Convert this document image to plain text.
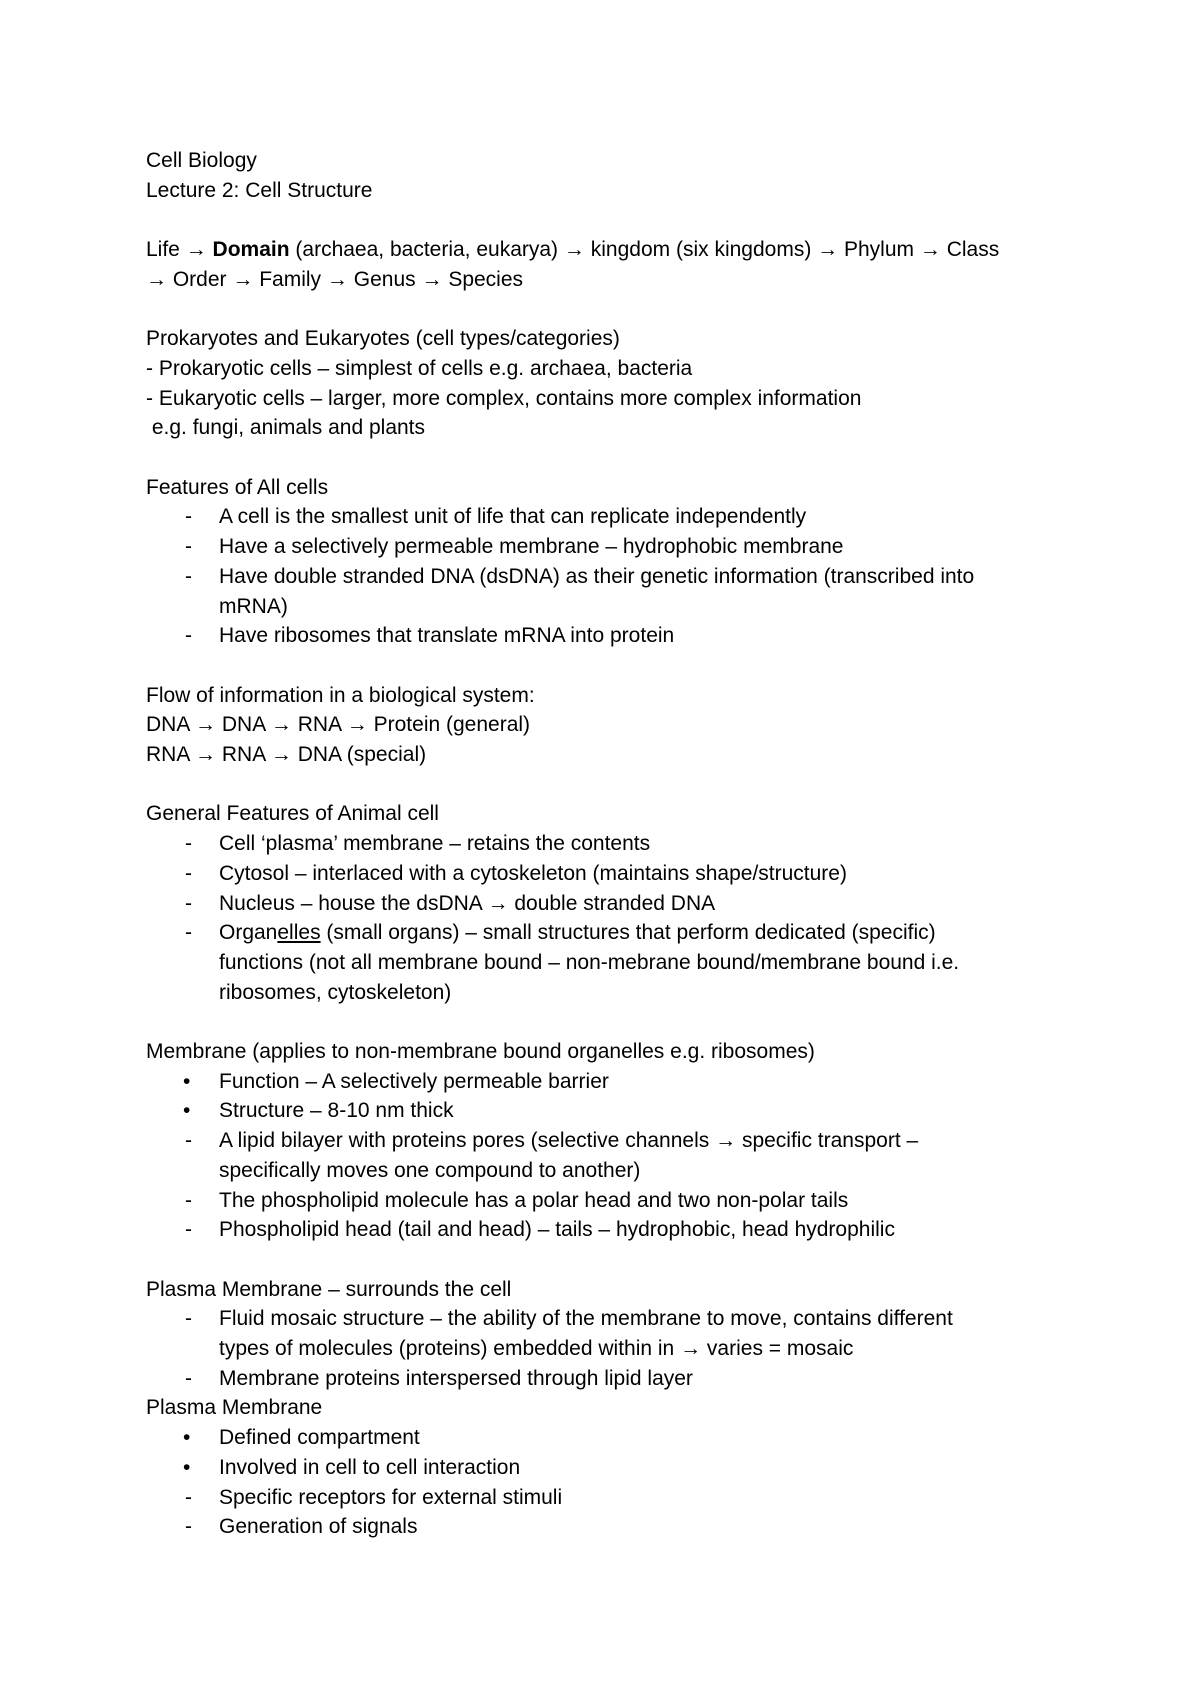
Cell Biology
Lecture 2: Cell Structure
Life → Domain (archaea, bacteria, eukarya) → kingdom (six kingdoms) → Phylum → Class
→ Order → Family → Genus → Species
Prokaryotes and Eukaryotes (cell types/categories)
- Prokaryotic cells – simplest of cells e.g. archaea, bacteria
- Eukaryotic cells – larger, more complex, contains more complex information
e.g. fungi, animals and plants
Features of All cells
- A cell is the smallest unit of life that can replicate independently
- Have a selectively permeable membrane – hydrophobic membrane
- Have double stranded DNA (dsDNA) as their genetic information (transcribed into
mRNA)
- Have ribosomes that translate mRNA into protein
Flow of information in a biological system:
DNA → DNA → RNA → Protein (general)
RNA → RNA → DNA (special)
General Features of Animal cell
- Cell ‘plasma’ membrane – retains the contents
- Cytosol – interlaced with a cytoskeleton (maintains shape/structure)
- Nucleus – house the dsDNA → double stranded DNA
- Organelles (small organs) – small structures that perform dedicated (specific)
functions (not all membrane bound – non-mebrane bound/membrane bound i.e.
ribosomes, cytoskeleton)
Membrane (applies to non-membrane bound organelles e.g. ribosomes)
• Function – A selectively permeable barrier
• Structure – 8-10 nm thick
- A lipid bilayer with proteins pores (selective channels → specific transport –
specifically moves one compound to another)
- The phospholipid molecule has a polar head and two non-polar tails
- Phospholipid head (tail and head) – tails – hydrophobic, head hydrophilic
Plasma Membrane – surrounds the cell
- Fluid mosaic structure – the ability of the membrane to move, contains different
types of molecules (proteins) embedded within in → varies = mosaic
- Membrane proteins interspersed through lipid layer
Plasma Membrane
• Defined compartment
• Involved in cell to cell interaction
- Specific receptors for external stimuli
- Generation of signals
